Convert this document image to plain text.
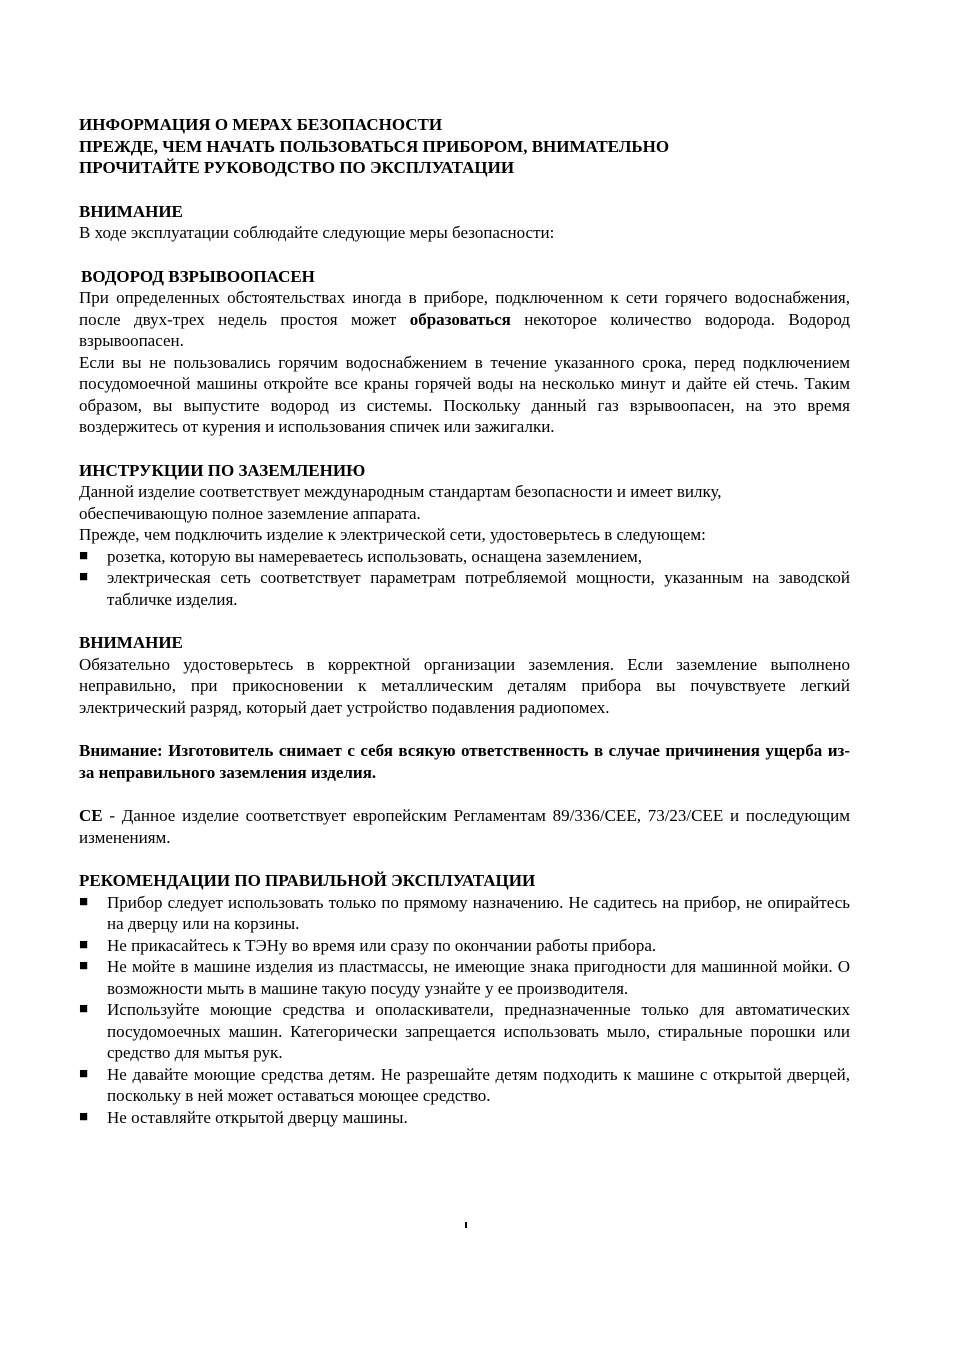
ИНФОРМАЦИЯ О МЕРАХ БЕЗОПАСНОСТИ

ПРЕЖДЕ, ЧЕМ НАЧАТЬ ПОЛЬЗОВАТЬСЯ ПРИБОРОМ, ВНИМАТЕЛЬНО

ПРОЧИТАЙТЕ РУКОВОДСТВО ПО ЭКСПЛУАТАЦИИ

ВНИМАНИЕ

В ходе эксплуатации соблюдайте следующие меры безопасности:

ВОДОРОД ВЗРЫВООПАСЕН

При определенных обстоятельствах иногда в приборе, подключенном к сети горячего водоснабжения, после двух-трех недель простоя может образоваться некоторое количество водорода. Водород взрывоопасен.

Если вы не пользовались горячим водоснабжением в течение указанного срока, перед подключением посудомоечной машины откройте все краны горячей воды на несколько минут и дайте ей стечь. Таким образом, вы выпустите водород из системы. Поскольку данный газ взрывоопасен, на это время воздержитесь от курения и использования спичек или зажигалки.

ИНСТРУКЦИИ ПО ЗАЗЕМЛЕНИЮ

Данной изделие соответствует международным стандартам безопасности и имеет вилку, обеспечивающую полное заземление аппарата.

Прежде, чем подключить изделие к электрической сети, удостоверьтесь в следующем:

■	розетка, которую вы намереваетесь использовать, оснащена заземлением,
■	электрическая сеть соответствует параметрам потребляемой мощности, указанным на заводской табличке изделия.

ВНИМАНИЕ

Обязательно удостоверьтесь в корректной организации заземления. Если заземление выполнено неправильно, при прикосновении к металлическим деталям прибора вы почувствуете легкий электрический разряд, который дает устройство подавления радиопомех.

Внимание: Изготовитель снимает с себя всякую ответственность в случае причинения ущерба из-за неправильного заземления изделия.

CE - Данное изделие соответствует европейским Регламентам 89/336/CEE, 73/23/CEE и последующим изменениям.

РЕКОМЕНДАЦИИ ПО ПРАВИЛЬНОЙ ЭКСПЛУАТАЦИИ

■	Прибор следует использовать только по прямому назначению. Не садитесь на прибор, не опирайтесь на дверцу или на корзины.
■	Не прикасайтесь к ТЭНу во время или сразу по окончании работы прибора.
■	Не мойте в машине изделия из пластмассы, не имеющие знака пригодности для машинной мойки. О возможности мыть в машине такую посуду узнайте у ее производителя.
■	Используйте моющие средства и ополаскиватели, предназначенные только для автоматических посудомоечных машин. Категорически запрещается использовать мыло, стиральные порошки или средство для мытья рук.
■	Не давайте моющие средства детям. Не разрешайте детям подходить к машине с открытой дверцей, поскольку в ней может оставаться моющее средство.
■	Не оставляйте открытой дверцу машины.
